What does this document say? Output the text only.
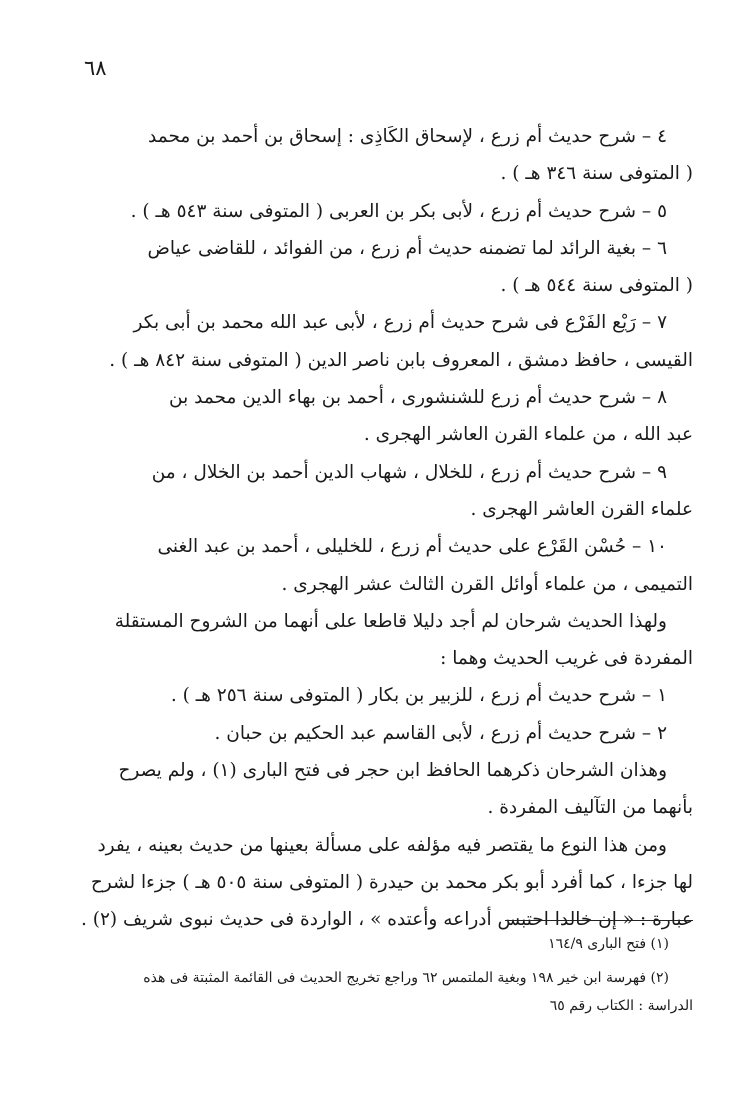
٦٨
٤ – شرح حديث أم زرع ، لإسحاق الكَاذِى : إسحاق بن أحمد بن محمد
( المتوفى سنة ٣٤٦ هـ ) .
٥ – شرح حديث أم زرع ، لأبى بكر بن العربى ( المتوفى سنة ٥٤٣ هـ ) .
٦ – بغية الرائد لما تضمنه حديث أم زرع ، من الفوائد ، للقاضى عياض
( المتوفى سنة ٥٤٤ هـ ) .
٧ – رَيْع الفَرْع فى شرح حديث أم زرع ، لأبى عبد الله محمد بن أبى بكر
القيسى ، حافظ دمشق ، المعروف بابن ناصر الدين ( المتوفى سنة ٨٤٢ هـ ) .
٨ – شرح حديث أم زرع للشنشورى ، أحمد بن بهاء الدين محمد بن
عبد الله ، من علماء القرن العاشر الهجرى .
٩ – شرح حديث أم زرع ، للخلال ، شهاب الدين أحمد بن الخلال ، من
علماء القرن العاشر الهجرى .
١٠ – حُسْن القَرْع على حديث أم زرع ، للخليلى ، أحمد بن عبد الغنى
التميمى ، من علماء أوائل القرن الثالث عشر الهجرى .
ولهذا الحديث شرحان لم أجد دليلا قاطعا على أنهما من الشروح المستقلة
المفردة فى غريب الحديث وهما :
١ – شرح حديث أم زرع ، للزبير بن بكار ( المتوفى سنة ٢٥٦ هـ ) .
٢ – شرح حديث أم زرع ، لأبى القاسم عبد الحكيم بن حبان .
وهذان الشرحان ذكرهما الحافظ ابن حجر فى فتح البارى (١) ، ولم يصرح
بأنهما من التآليف المفردة .
ومن هذا النوع ما يقتصر فيه مؤلفه على مسألة بعينها من حديث بعينه ، يفرد
لها جزءا ، كما أفرد أبو بكر محمد بن حيدرة ( المتوفى سنة ٥٠٥ هـ ) جزءا لشرح
عبارة : « إن خالدا احتبس أدراعه وأعتده » ، الواردة فى حديث نبوى شريف (٢) .
(١) فتح البارى ١٦٤/٩
(٢) فهرسة ابن خير ١٩٨ وبغية الملتمس ٦٢ وراجع تخريج الحديث فى القائمة المثبتة فى هذه
الدراسة : الكتاب رقم ٦٥
